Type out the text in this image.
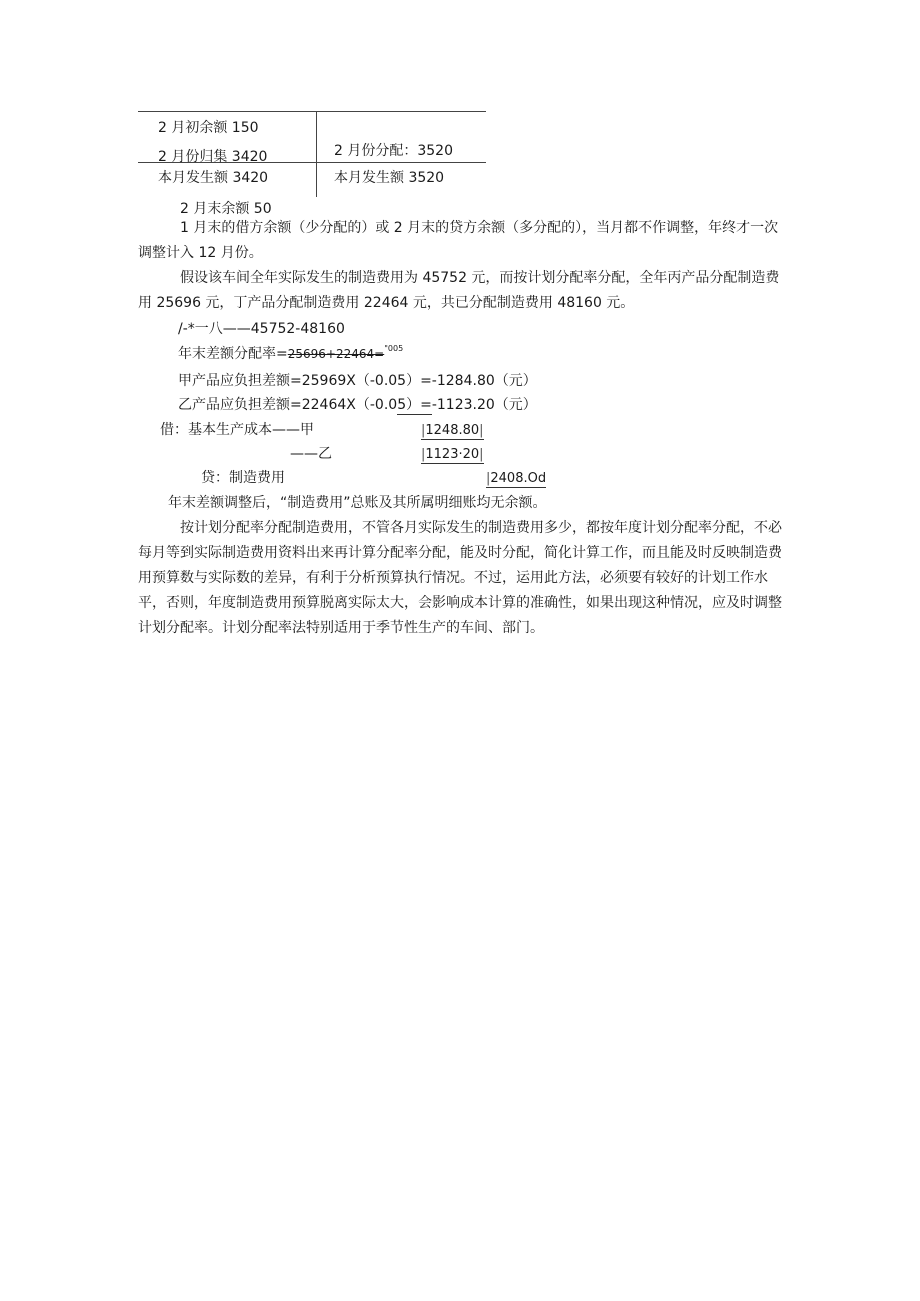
2 月初余额 150
2 月份归集 3420	2 月份分配：3520
本月发生额 3420	本月发生额 3520
2 月末余额 50
1 月末的借方余额（少分配的）或 2 月末的贷方余额（多分配的），当月都不作调整，年终才一次调整计入 12 月份。
假设该车间全年实际发生的制造费用为 45752 元，而按计划分配率分配，全年丙产品分配制造费用 25696 元，丁产品分配制造费用 22464 元，共已分配制造费用 48160 元。
/-*一八——45752-48160
年末差额分配率=25696+22464=$^{"005}$
甲产品应负担差额=25969X（-0.05）=-1284.80（元）
乙产品应负担差额=22464X（-0.05）=-1123.20（元）
借：基本生产成本——甲	|1248.80|
——乙	|1123·20|
贷：制造费用	|2408.Od
年末差额调整后，“制造费用”总账及其所属明细账均无余额。
按计划分配率分配制造费用，不管各月实际发生的制造费用多少，都按年度计划分配率分配，不必每月等到实际制造费用资料出来再计算分配率分配，能及时分配，简化计算工作，而且能及时反映制造费用预算数与实际数的差异，有利于分析预算执行情况。不过，运用此方法，必须要有较好的计划工作水平，否则，年度制造费用预算脱离实际太大，会影响成本计算的准确性，如果出现这种情况，应及时调整计划分配率。计划分配率法特别适用于季节性生产的车间、部门。
